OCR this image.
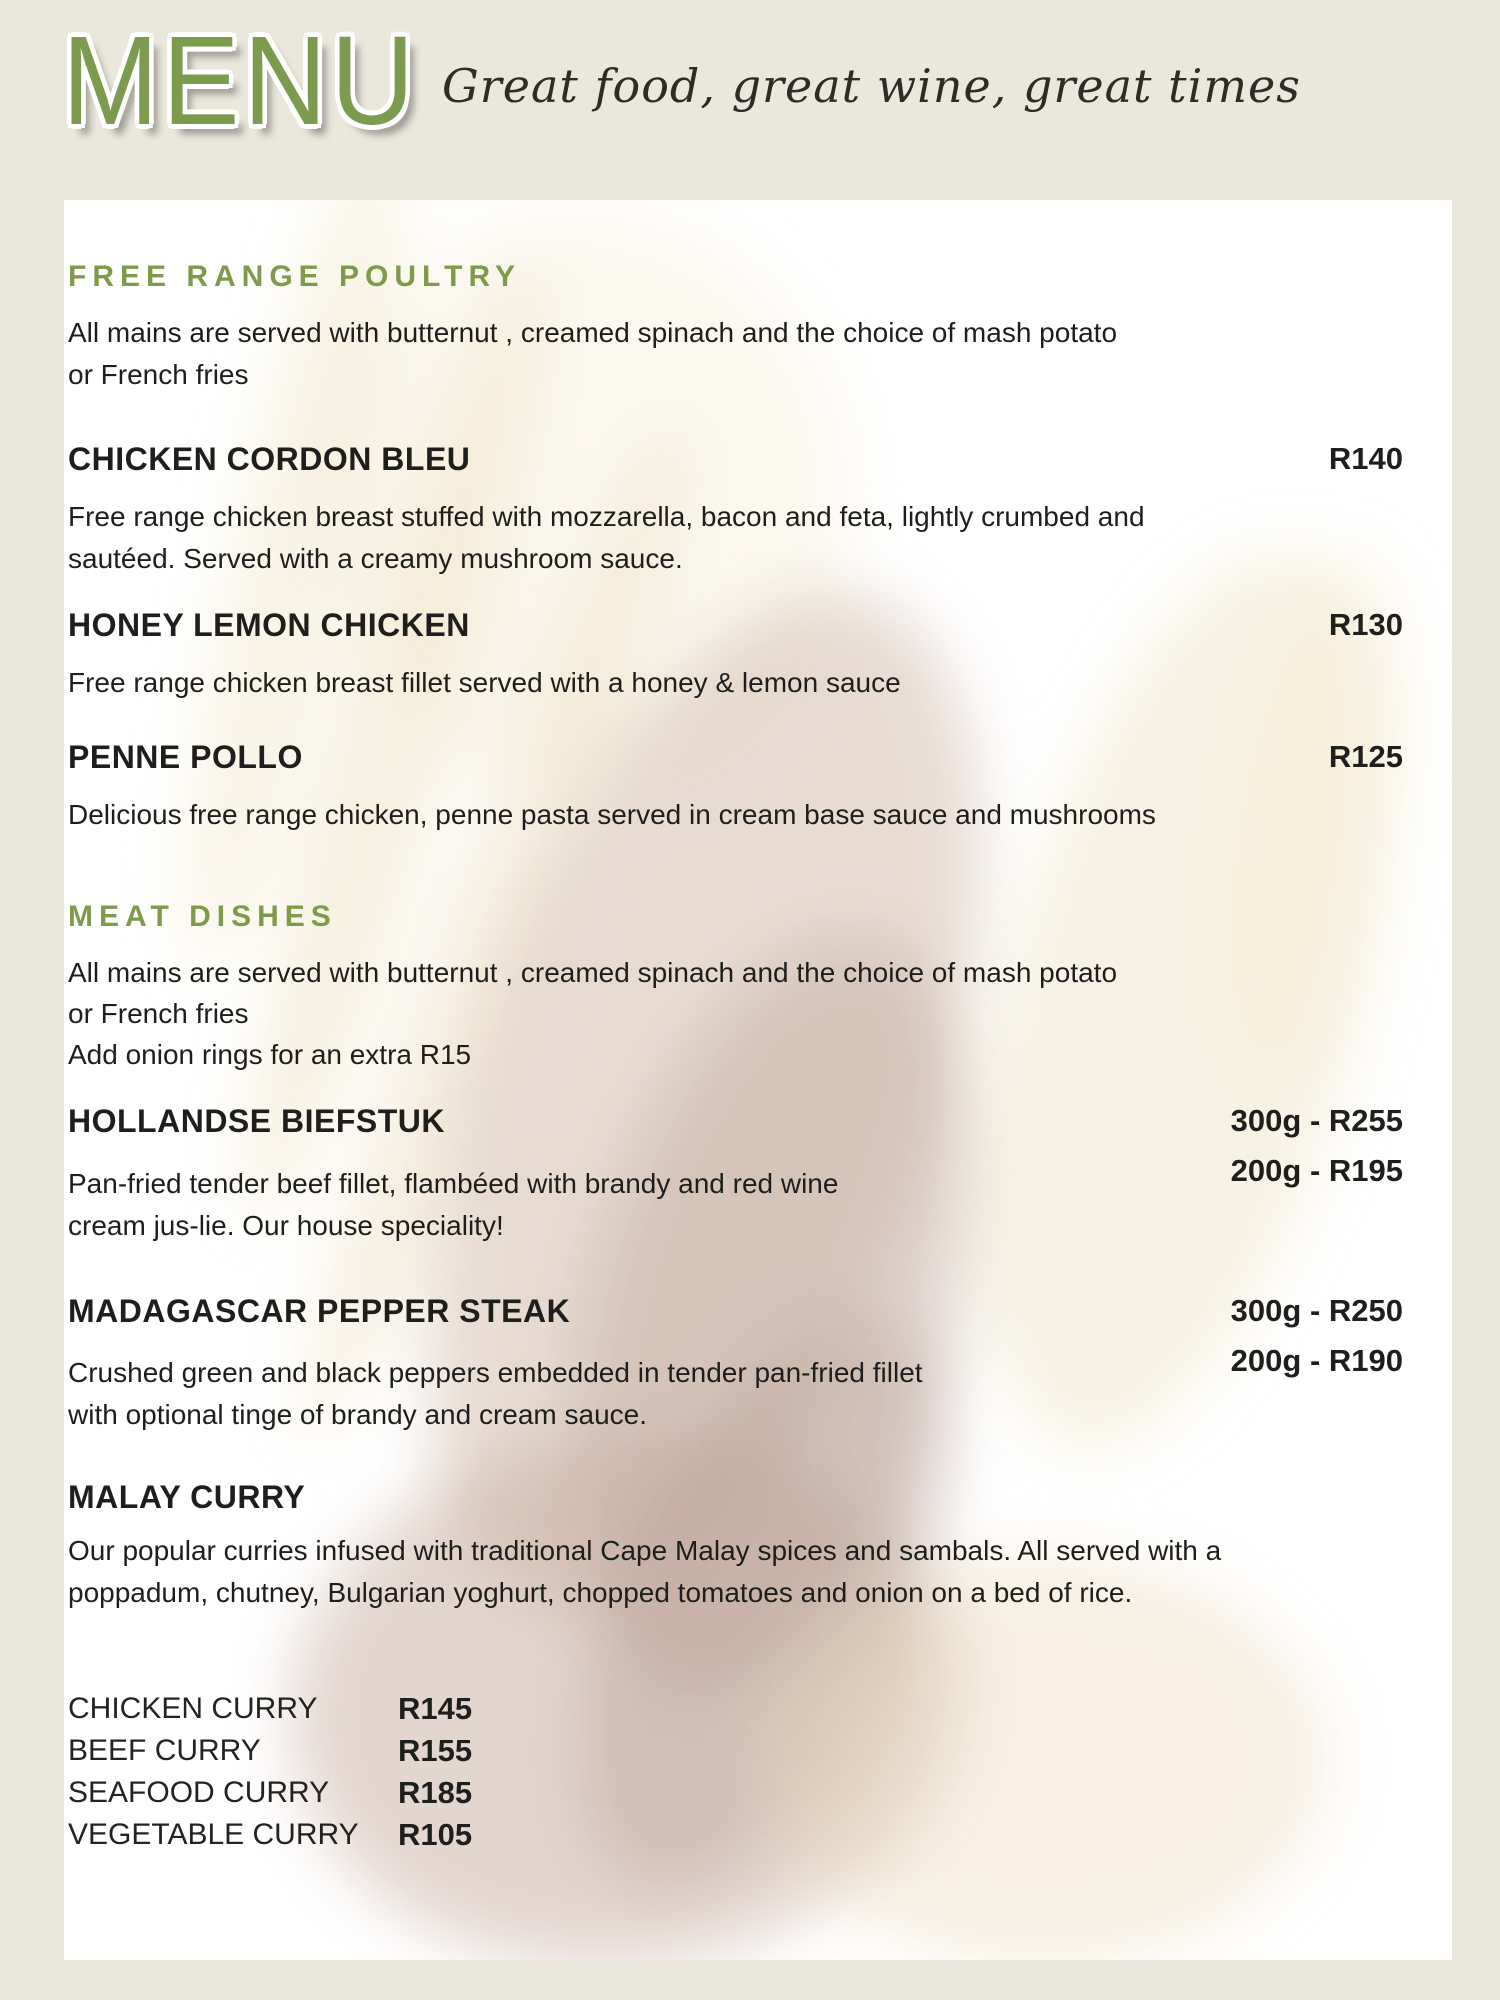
MENU Great food, great wine, great times
FREE RANGE POULTRY
All mains are served with butternut , creamed spinach and the choice of mash potato
or French fries
CHICKEN CORDON BLEU	R140
Free range chicken breast stuffed with mozzarella, bacon and feta, lightly crumbed and
sautéed. Served with a creamy mushroom sauce.
HONEY LEMON CHICKEN	R130
Free range chicken breast fillet served with a honey & lemon sauce
PENNE POLLO	R125
Delicious free range chicken, penne pasta served in cream base sauce and mushrooms
MEAT DISHES
All mains are served with butternut , creamed spinach and the choice of mash potato
or French fries
Add onion rings for an extra R15
HOLLANDSE BIEFSTUK	300g - R255
200g - R195
Pan-fried tender beef fillet, flambéed with brandy and red wine
cream jus-lie. Our house speciality!
MADAGASCAR PEPPER STEAK	300g - R250
200g - R190
Crushed green and black peppers embedded in tender pan-fried fillet
with optional tinge of brandy and cream sauce.
MALAY CURRY
Our popular curries infused with traditional Cape Malay spices and sambals. All served with a
poppadum, chutney, Bulgarian yoghurt, chopped tomatoes and onion on a bed of rice.
CHICKEN CURRY	R145
BEEF CURRY	R155
SEAFOOD CURRY	R185
VEGETABLE CURRY	R105
